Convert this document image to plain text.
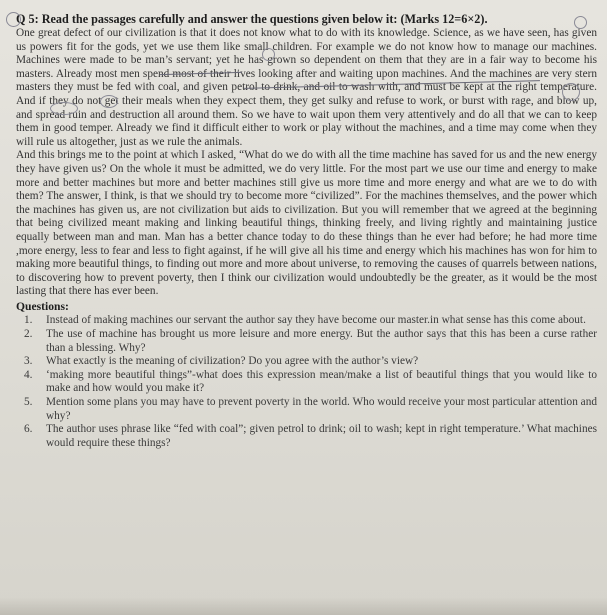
Q 5: Read the passages carefully and answer the questions given below it: (Marks 12=6×2).

One great defect of our civilization is that it does not know what to do with its knowledge. Science, as we have seen, has given us powers fit for the gods, yet we use them like small children. For example we do not know how to manage our machines. Machines were made to be man’s servant; yet he has grown so dependent on them that they are in a fair way to become his masters. Already most men spend most of their lives looking after and waiting upon machines. And the machines are very stern masters they must be fed with coal, and given petrol to drink, and oil to wash with, and must be kept at the right temperature. And if they do not get their meals when they expect them, they get sulky and refuse to work, or burst with rage, and blow up, and spread ruin and destruction all around them. So we have to wait upon them very attentively and do all that we can to keep them in good temper. Already we find it difficult either to work or play without the machines, and a time may come when they will rule us altogether, just as we rule the animals.

And this brings me to the point at which I asked, “What do we do with all the time machine has saved for us and the new energy they have given us? On the whole it must be admitted, we do very little. For the most part we use our time and energy to make more and better machines but more and better machines still give us more time and more energy and what are we to do with them? The answer, I think, is that we should try to become more “civilized”. For the machines themselves, and the power which the machines has given us, are not civilization but aids to civilization. But you will remember that we agreed at the beginning that being civilized meant making and linking beautiful things, thinking freely, and living rightly and maintaining justice equally between man and man. Man has a better chance today to do these things than he ever had before; he had more time ,more energy, less to fear and less to fight against, if he will give all his time and energy which his machines has won for him to making more beautiful things, to finding out more and more about universe, to removing the causes of quarrels between nations, to discovering how to prevent poverty, then I think our civilization would undoubtedly be the greater, as it would be the most lasting that there has ever been.

Questions:

1. Instead of making machines our servant the author say they have become our master.in what sense has this come about.
2. The use of machine has brought us more leisure and more energy. But the author says that this has been a curse rather than a blessing. Why?
3. What exactly is the meaning of civilization? Do you agree with the author’s view?
4. ‘making more beautiful things”-what does this expression mean/make a list of beautiful things that you would like to make and how would you make it?
5. Mention some plans you may have to prevent poverty in the world. Who would receive your most particular attention and why?
6. The author uses phrase like “fed with coal”; given petrol to drink; oil to wash; kept in right temperature.’ What machines would require these things?
